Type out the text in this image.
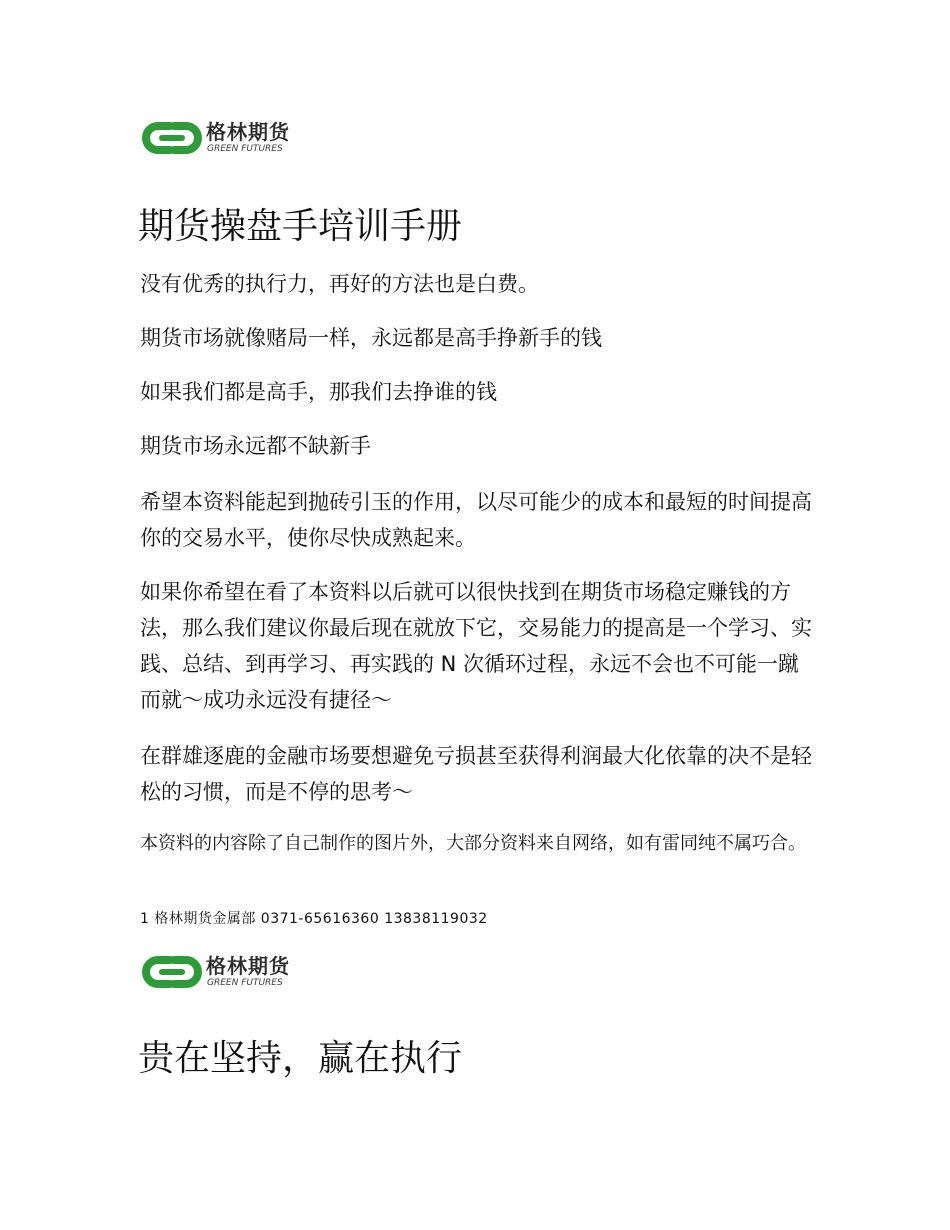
格林期货
GREEN FUTURES
期货操盘手培训手册

没有优秀的执行力，再好的方法也是白费。

期货市场就像赌局一样，永远都是高手挣新手的钱

如果我们都是高手，那我们去挣谁的钱

期货市场永远都不缺新手

希望本资料能起到抛砖引玉的作用，以尽可能少的成本和最短的时间提高你的交易水平，使你尽快成熟起来。

如果你希望在看了本资料以后就可以很快找到在期货市场稳定赚钱的方法，那么我们建议你最后现在就放下它，交易能力的提高是一个学习、实践、总结、到再学习、再实践的 N 次循环过程，永远不会也不可能一蹴而就～成功永远没有捷径～

在群雄逐鹿的金融市场要想避免亏损甚至获得利润最大化依靠的决不是轻松的习惯，而是不停的思考～

本资料的内容除了自己制作的图片外，大部分资料来自网络，如有雷同纯不属巧合。

1 格林期货金属部 0371-65616360 13838119032
格林期货
GREEN FUTURES
贵在坚持，赢在执行
